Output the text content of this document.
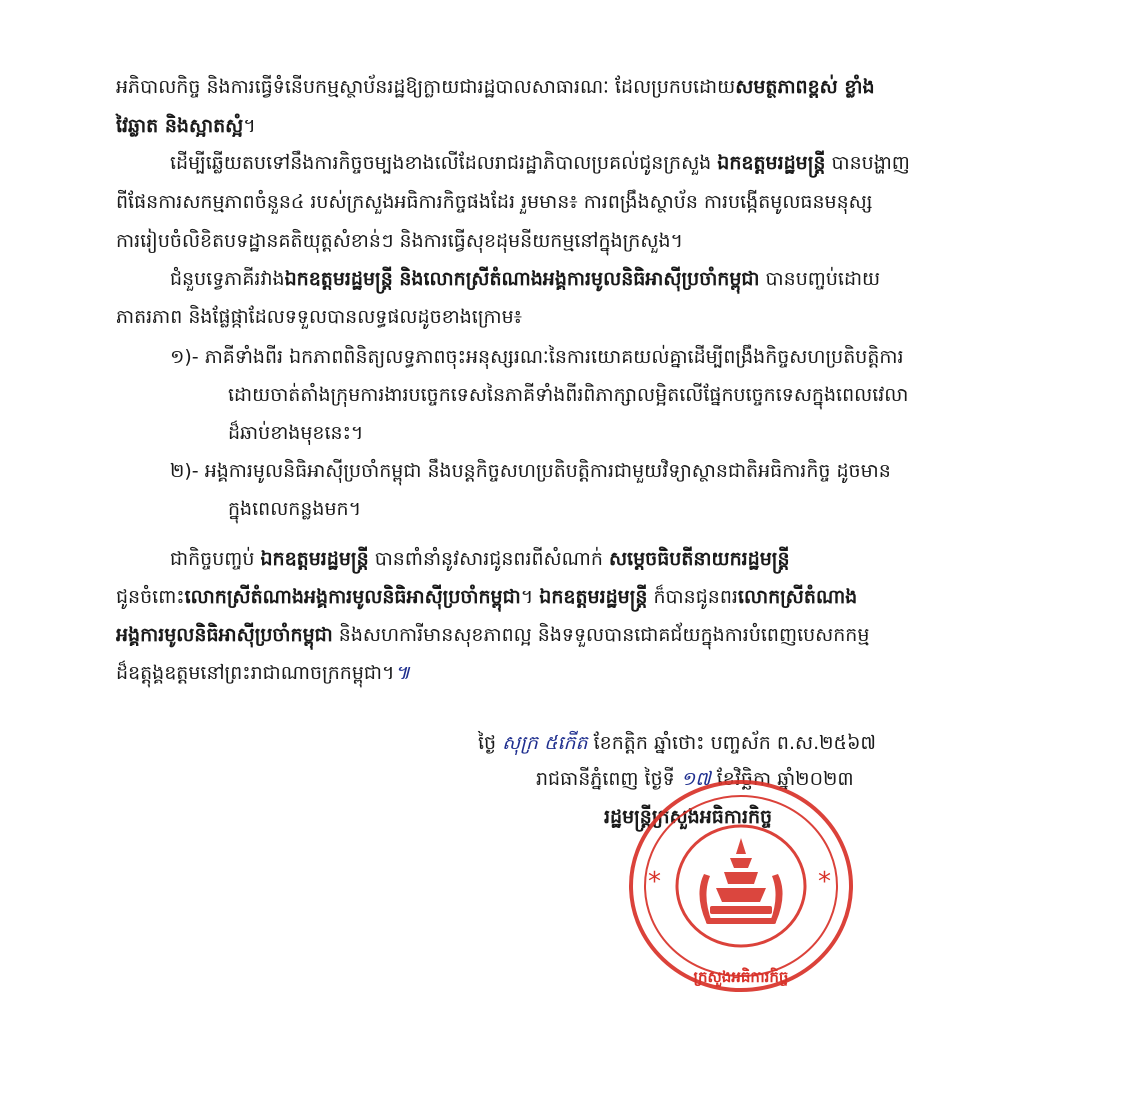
អភិបាលកិច្ច និងការធ្វើទំនើបកម្មស្ថាប័នរដ្ឋឱ្យក្លាយជារដ្ឋបាលសាធារណៈ ដែលប្រកបដោយសមត្ថភាពខ្ពស់ ខ្លាំង
វៃឆ្លាត និងស្អាតស្អំ។
ដើម្បីឆ្លើយតបទៅនឹងការកិច្ចចម្បងខាងលើដែលរាជរដ្ឋាភិបាលប្រគល់ជូនក្រសួង ឯកឧត្តមរដ្ឋមន្ត្រី បានបង្ហាញ
ពីផែនការសកម្មភាពចំនួន៤ របស់ក្រសួងអធិការកិច្ចផងដែរ រួមមាន៖ ការពង្រឹងស្ថាប័ន ការបង្កើតមូលធនមនុស្ស
ការរៀបចំលិខិតបទដ្ឋានគតិយុត្តសំខាន់ៗ និងការធ្វើសុខដុមនីយកម្មនៅក្នុងក្រសួង។
ជំនួបទ្វេភាគីរវាងឯកឧត្តមរដ្ឋមន្ត្រី និងលោកស្រីតំណាងអង្គការមូលនិធិអាស៊ីប្រចាំកម្ពុជា បានបញ្ចប់ដោយ
ភាតរភាព និងផ្លែផ្កាដែលទទួលបានលទ្ធផលដូចខាងក្រោម៖
១)- ភាគីទាំងពីរ ឯកភាពពិនិត្យលទ្ធភាពចុះអនុស្សរណៈនៃការយោគយល់គ្នាដើម្បីពង្រឹងកិច្ចសហប្រតិបត្តិការ
ដោយចាត់តាំងក្រុមការងារបច្ចេកទេសនៃភាគីទាំងពីរពិភាក្សាលម្អិតលើផ្នែកបច្ចេកទេសក្នុងពេលវេលា
ដ៏ឆាប់ខាងមុខនេះ។
២)- អង្គការមូលនិធិអាស៊ីប្រចាំកម្ពុជា នឹងបន្តកិច្ចសហប្រតិបត្តិការជាមួយវិទ្យាស្ថានជាតិអធិការកិច្ច ដូចមាន
ក្នុងពេលកន្លងមក។
ជាកិច្ចបញ្ចប់ ឯកឧត្តមរដ្ឋមន្ត្រី បានពាំនាំនូវសារជូនពរពីសំណាក់ សម្តេចធិបតីនាយករដ្ឋមន្ត្រី
ជូនចំពោះលោកស្រីតំណាងអង្គការមូលនិធិអាស៊ីប្រចាំកម្ពុជា។ ឯកឧត្តមរដ្ឋមន្ត្រី ក៏បានជូនពរលោកស្រីតំណាង
អង្គការមូលនិធិអាស៊ីប្រចាំកម្ពុជា និងសហការីមានសុខភាពល្អ និងទទួលបានជោគជ័យក្នុងការបំពេញបេសកកម្ម
ដ៏ឧត្តុង្គឧត្តមនៅព្រះរាជាណាចក្រកម្ពុជា។៕
ថ្ងៃ សុក្រ ៥កើត ខែកត្តិក ឆ្នាំថោះ បញ្ចស័ក ព.ស.២៥៦៧
រាជធានីភ្នំពេញ ថ្ងៃទី ១៧ ខែវិច្ឆិកា ឆ្នាំ២០២៣
រដ្ឋមន្ត្រីក្រសួងអធិការកិច្ច
*	*
ក្រសួងអធិការកិច្ច
